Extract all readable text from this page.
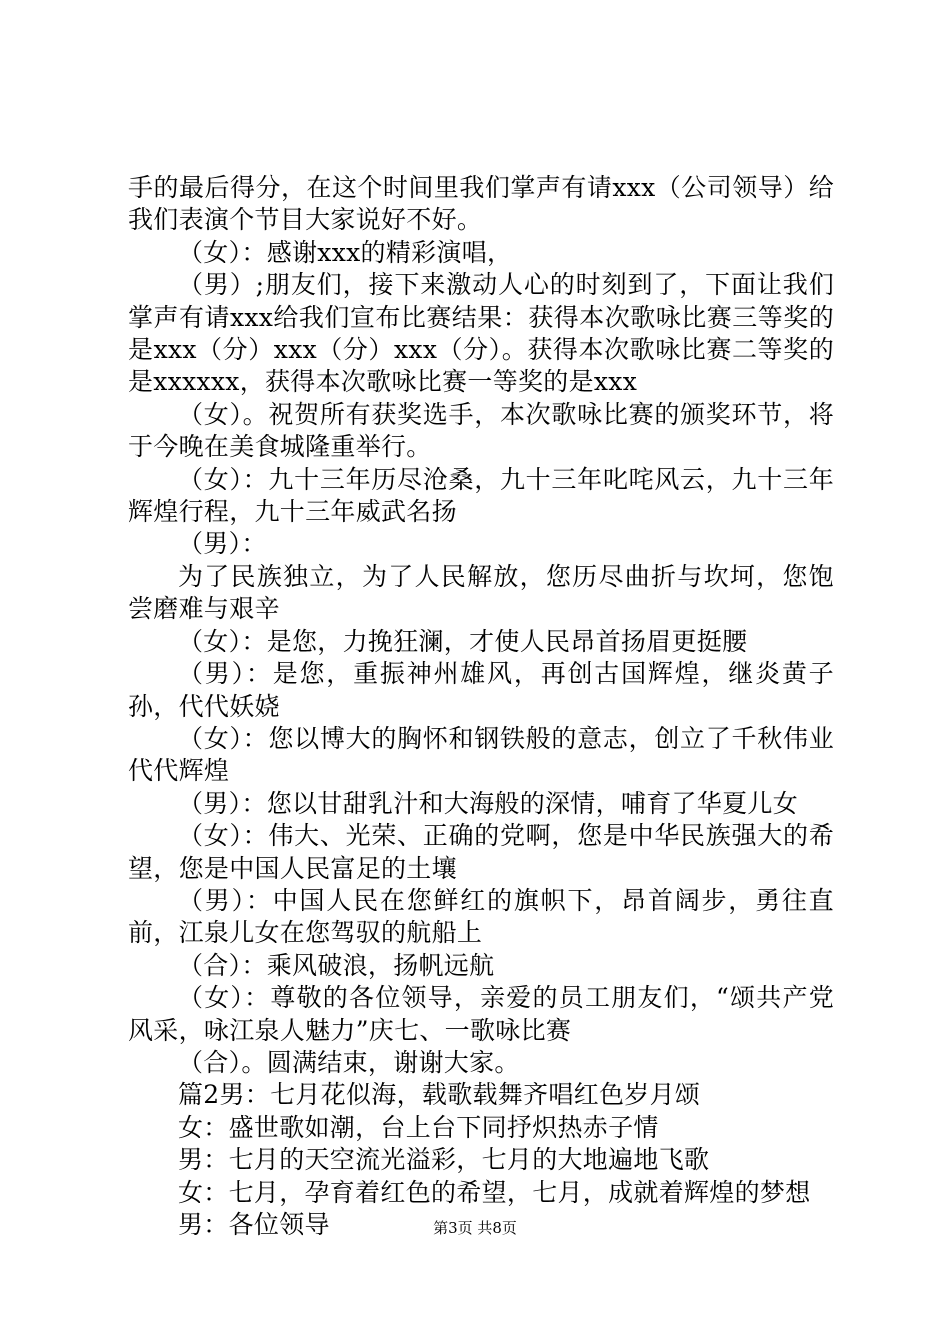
手的最后得分，在这个时间里我们掌声有请xxx（公司领导）给我们表演个节目大家说好不好。

（女）：感谢xxx的精彩演唱，

（男）;朋友们，接下来激动人心的时刻到了，下面让我们掌声有请xxx给我们宣布比赛结果：获得本次歌咏比赛三等奖的是xxx（分）xxx（分）xxx（分）。获得本次歌咏比赛二等奖的是xxxxxx，获得本次歌咏比赛一等奖的是xxx

（女）。祝贺所有获奖选手，本次歌咏比赛的颁奖环节，将于今晚在美食城隆重举行。

（女）：九十三年历尽沧桑，九十三年叱咤风云，九十三年辉煌行程，九十三年威武名扬

（男）：

为了民族独立，为了人民解放，您历尽曲折与坎坷，您饱尝磨难与艰辛

（女）：是您，力挽狂澜，才使人民昂首扬眉更挺腰

（男）：是您，重振神州雄风，再创古国辉煌，继炎黄子孙，代代妖娆

（女）：您以博大的胸怀和钢铁般的意志，创立了千秋伟业代代辉煌

（男）：您以甘甜乳汁和大海般的深情，哺育了华夏儿女

（女）：伟大、光荣、正确的党啊，您是中华民族强大的希望，您是中国人民富足的土壤

（男）：中国人民在您鲜红的旗帜下，昂首阔步，勇往直前，江泉儿女在您驾驭的航船上

（合）：乘风破浪，扬帆远航

（女）：尊敬的各位领导，亲爱的员工朋友们，“颂共产党风采，咏江泉人魅力”庆七、一歌咏比赛

（合）。圆满结束，谢谢大家。

篇2男：七月花似海，载歌载舞齐唱红色岁月颂

女：盛世歌如潮，台上台下同抒炽热赤子情

男：七月的天空流光溢彩，七月的大地遍地飞歌

女：七月，孕育着红色的希望，七月，成就着辉煌的梦想

男：各位领导	第3页 共8页
